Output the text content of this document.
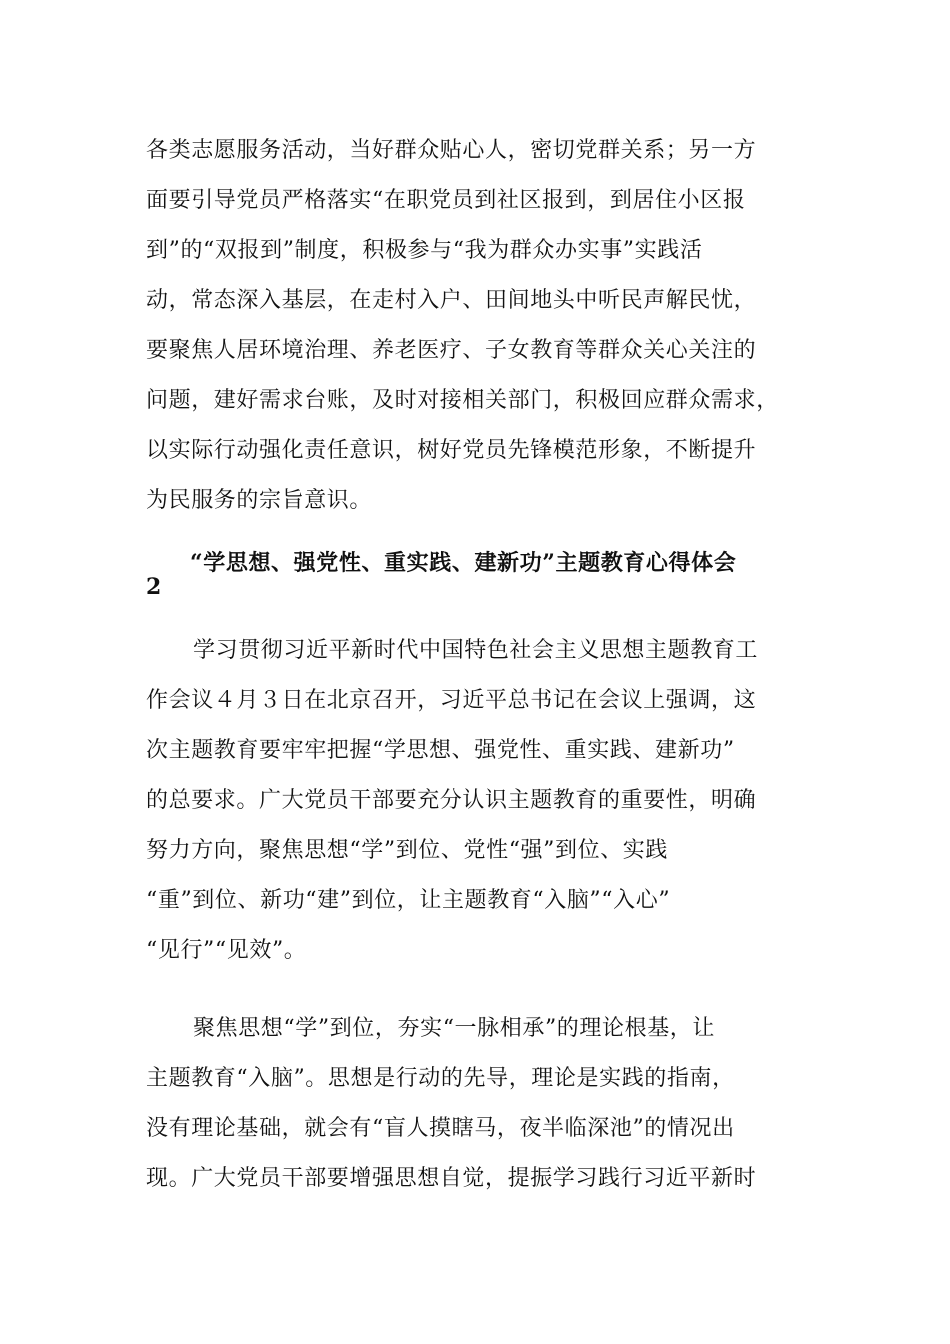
各类志愿服务活动，当好群众贴心人，密切党群关系；另一方
面要引导党员严格落实“在职党员到社区报到，到居住小区报
到”的“双报到”制度，积极参与“我为群众办实事”实践活
动，常态深入基层，在走村入户、田间地头中听民声解民忧，
要聚焦人居环境治理、养老医疗、子女教育等群众关心关注的
问题，建好需求台账，及时对接相关部门，积极回应群众需求，
以实际行动强化责任意识，树好党员先锋模范形象，不断提升
为民服务的宗旨意识。
“学思想、强党性、重实践、建新功”主题教育心得体会
2
学习贯彻习近平新时代中国特色社会主义思想主题教育工
作会议４月３日在北京召开，习近平总书记在会议上强调，这
次主题教育要牢牢把握“学思想、强党性、重实践、建新功”
的总要求。广大党员干部要充分认识主题教育的重要性，明确
努力方向，聚焦思想“学”到位、党性“强”到位、实践
“重”到位、新功“建”到位，让主题教育“入脑”“入心”
“见行”“见效”。
聚焦思想“学”到位，夯实“一脉相承”的理论根基，让
主题教育“入脑”。思想是行动的先导，理论是实践的指南，
没有理论基础，就会有“盲人摸瞎马，夜半临深池”的情况出
现。广大党员干部要增强思想自觉，提振学习践行习近平新时
